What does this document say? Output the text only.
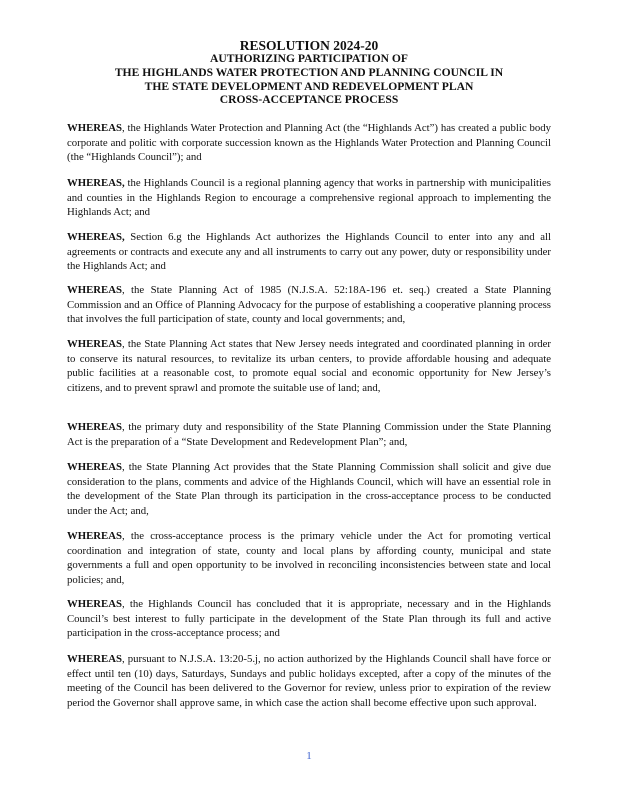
RESOLUTION 2024-20
AUTHORIZING PARTICIPATION OF
THE HIGHLANDS WATER PROTECTION AND PLANNING COUNCIL IN
THE STATE DEVELOPMENT AND REDEVELOPMENT PLAN
CROSS-ACCEPTANCE PROCESS

WHEREAS, the Highlands Water Protection and Planning Act (the “Highlands Act”) has created a public body corporate and politic with corporate succession known as the Highlands Water Protection and Planning Council (the “Highlands Council”); and

WHEREAS, the Highlands Council is a regional planning agency that works in partnership with municipalities and counties in the Highlands Region to encourage a comprehensive regional approach to implementing the Highlands Act; and

WHEREAS, Section 6.g the Highlands Act authorizes the Highlands Council to enter into any and all agreements or contracts and execute any and all instruments to carry out any power, duty or responsibility under the Highlands Act; and

WHEREAS, the State Planning Act of 1985 (N.J.S.A. 52:18A-196 et. seq.) created a State Planning Commission and an Office of Planning Advocacy for the purpose of establishing a cooperative planning process that involves the full participation of state, county and local governments; and,

WHEREAS, the State Planning Act states that New Jersey needs integrated and coordinated planning in order to conserve its natural resources, to revitalize its urban centers, to provide affordable housing and adequate public facilities at a reasonable cost, to promote equal social and economic opportunity for New Jersey’s citizens, and to prevent sprawl and promote the suitable use of land; and,

WHEREAS, the primary duty and responsibility of the State Planning Commission under the State Planning Act is the preparation of a “State Development and Redevelopment Plan”; and,

WHEREAS, the State Planning Act provides that the State Planning Commission shall solicit and give due consideration to the plans, comments and advice of the Highlands Council, which will have an essential role in the development of the State Plan through its participation in the cross-acceptance process to be conducted under the Act; and,

WHEREAS, the cross-acceptance process is the primary vehicle under the Act for promoting vertical coordination and integration of state, county and local plans by affording county, municipal and state governments a full and open opportunity to be involved in reconciling inconsistencies between state and local policies; and,

WHEREAS, the Highlands Council has concluded that it is appropriate, necessary and in the Highlands Council’s best interest to fully participate in the development of the State Plan through its full and active participation in the cross-acceptance process; and

WHEREAS, pursuant to N.J.S.A. 13:20-5.j, no action authorized by the Highlands Council shall have force or effect until ten (10) days, Saturdays, Sundays and public holidays excepted, after a copy of the minutes of the meeting of the Council has been delivered to the Governor for review, unless prior to expiration of the review period the Governor shall approve same, in which case the action shall become effective upon such approval.

1
